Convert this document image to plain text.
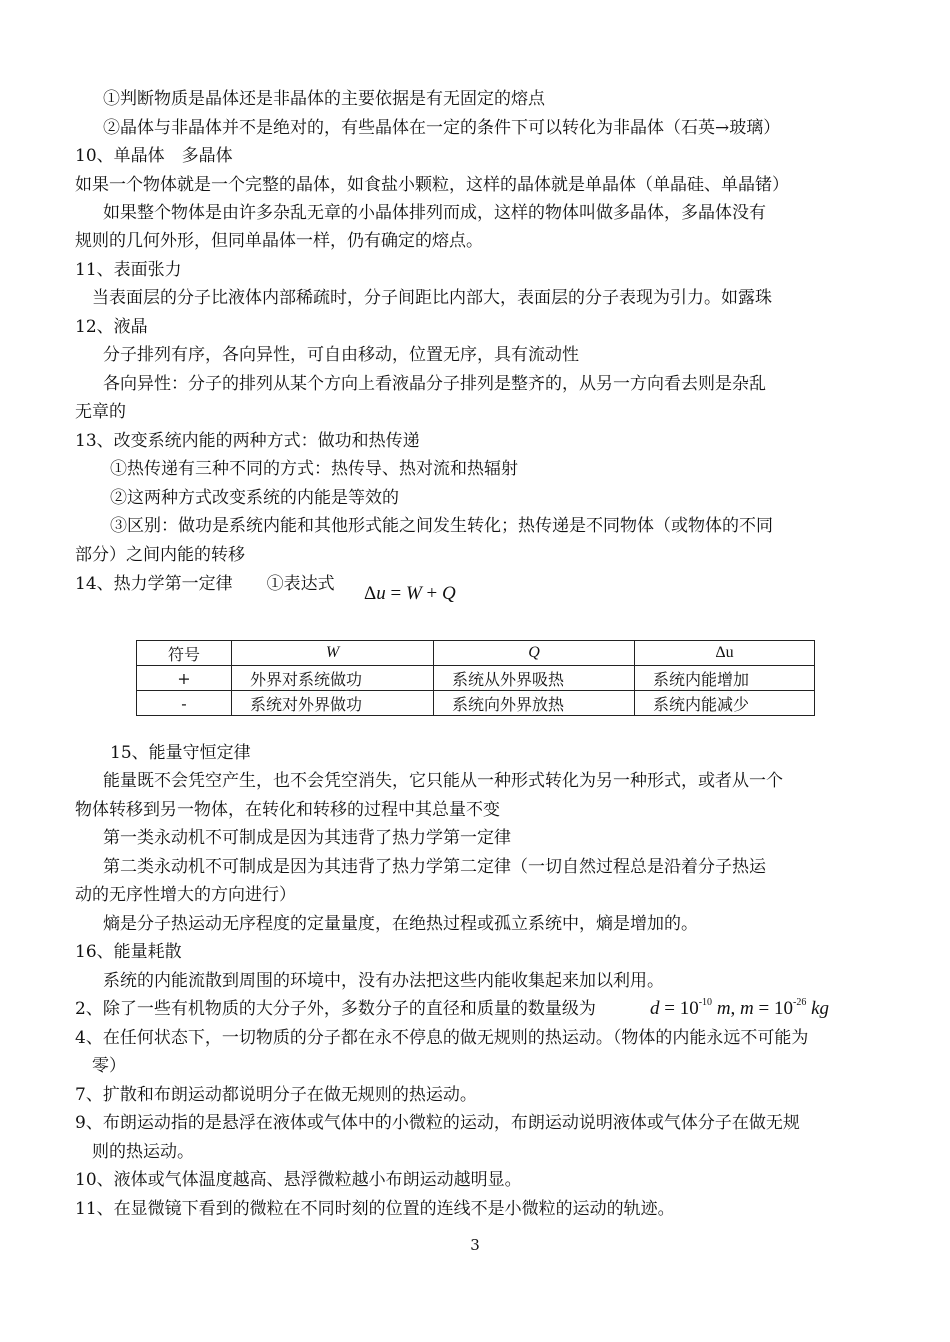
①判断物质是晶体还是非晶体的主要依据是有无固定的熔点
②晶体与非晶体并不是绝对的，有些晶体在一定的条件下可以转化为非晶体（石英→玻璃）
10、单晶体　多晶体
如果一个物体就是一个完整的晶体，如食盐小颗粒，这样的晶体就是单晶体（单晶硅、单晶锗）
如果整个物体是由许多杂乱无章的小晶体排列而成，这样的物体叫做多晶体，多晶体没有
规则的几何外形，但同单晶体一样，仍有确定的熔点。
11、表面张力
当表面层的分子比液体内部稀疏时，分子间距比内部大，表面层的分子表现为引力。如露珠
12、液晶
分子排列有序，各向异性，可自由移动，位置无序，具有流动性
各向异性：分子的排列从某个方向上看液晶分子排列是整齐的，从另一方向看去则是杂乱
无章的
13、改变系统内能的两种方式：做功和热传递
①热传递有三种不同的方式：热传导、热对流和热辐射
②这两种方式改变系统的内能是等效的
③区别：做功是系统内能和其他形式能之间发生转化；热传递是不同物体（或物体的不同
部分）之间内能的转移
14、热力学第一定律　　①表达式 Δu = W + Q
符号	W	Q	Δu
+	外界对系统做功	系统从外界吸热	系统内能增加
-	系统对外界做功	系统向外界放热	系统内能减少
15、能量守恒定律
能量既不会凭空产生，也不会凭空消失，它只能从一种形式转化为另一种形式，或者从一个
物体转移到另一物体，在转化和转移的过程中其总量不变
第一类永动机不可制成是因为其违背了热力学第一定律
第二类永动机不可制成是因为其违背了热力学第二定律（一切自然过程总是沿着分子热运
动的无序性增大的方向进行）
熵是分子热运动无序程度的定量量度，在绝热过程或孤立系统中，熵是增加的。
16、能量耗散
系统的内能流散到周围的环境中，没有办法把这些内能收集起来加以利用。
2、除了一些有机物质的大分子外，多数分子的直径和质量的数量级为	$d = 10^{-10}$ m, $m = 10^{-26}$ kg
4、在任何状态下，一切物质的分子都在永不停息的做无规则的热运动。（物体的内能永远不可能为
零）
7、扩散和布朗运动都说明分子在做无规则的热运动。
9、布朗运动指的是悬浮在液体或气体中的小微粒的运动，布朗运动说明液体或气体分子在做无规
则的热运动。
10、液体或气体温度越高、悬浮微粒越小布朗运动越明显。
11、在显微镜下看到的微粒在不同时刻的位置的连线不是小微粒的运动的轨迹。
3
